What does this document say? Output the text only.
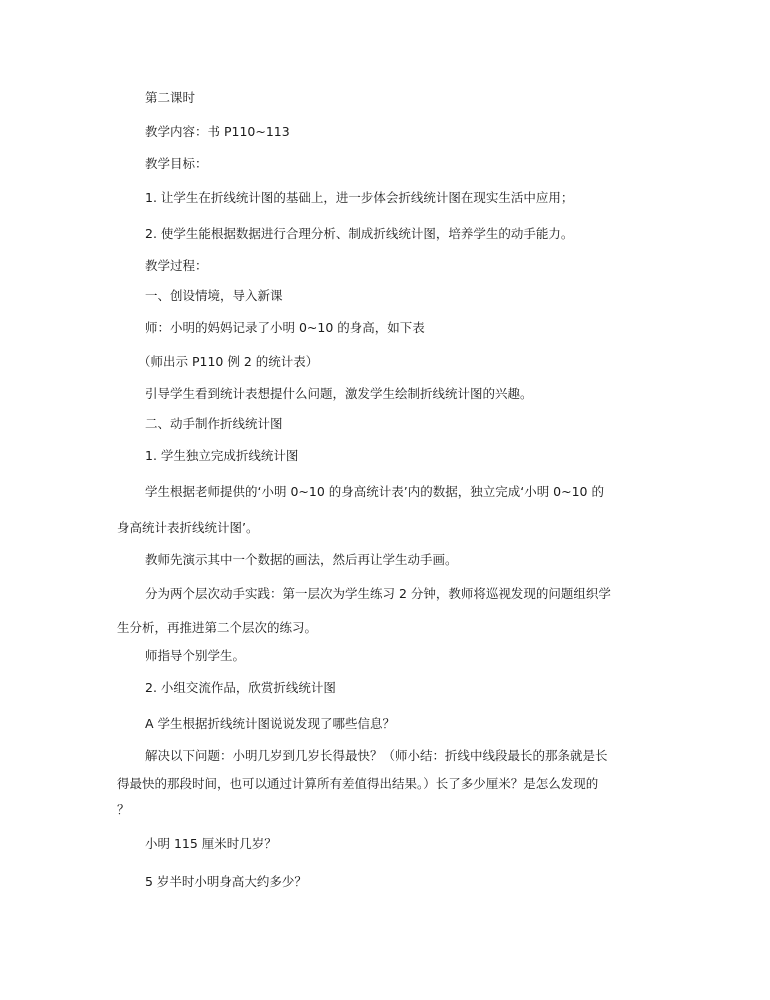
第二课时
教学内容：书 P110~113
教学目标：
1. 让学生在折线统计图的基础上，进一步体会折线统计图在现实生活中应用；
2. 使学生能根据数据进行合理分析、制成折线统计图，培养学生的动手能力。
教学过程：
一、创设情境，导入新课
师：小明的妈妈记录了小明 0~10 的身高，如下表
（师出示 P110 例 2 的统计表）
引导学生看到统计表想提什么问题，激发学生绘制折线统计图的兴趣。
二、动手制作折线统计图
1. 学生独立完成折线统计图
学生根据老师提供的‘小明 0~10 的身高统计表’内的数据，独立完成‘小明 0~10 的
身高统计表折线统计图’。
教师先演示其中一个数据的画法，然后再让学生动手画。
分为两个层次动手实践：第一层次为学生练习 2 分钟，教师将巡视发现的问题组织学
生分析，再推进第二个层次的练习。
师指导个别学生。
2. 小组交流作品，欣赏折线统计图
A 学生根据折线统计图说说发现了哪些信息？
解决以下问题：小明几岁到几岁长得最快？（师小结：折线中线段最长的那条就是长
得最快的那段时间，也可以通过计算所有差值得出结果。）长了多少厘米？是怎么发现的
？
小明 115 厘米时几岁？
5 岁半时小明身高大约多少？
